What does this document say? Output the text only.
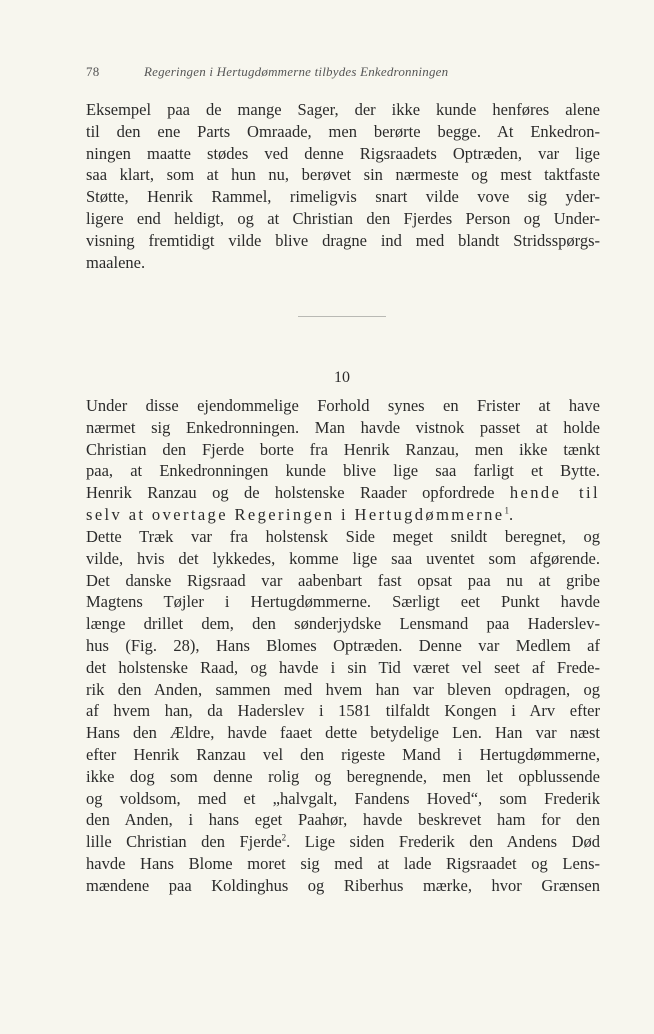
78	Regeringen i Hertugdømmerne tilbydes Enkedronningen
Eksempel paa de mange Sager, der ikke kunde henføres alene
til den ene Parts Omraade, men berørte begge. At Enkedron-
ningen maatte stødes ved denne Rigsraadets Optræden, var lige
saa klart, som at hun nu, berøvet sin nærmeste og mest taktfaste
Støtte, Henrik Rammel, rimeligvis snart vilde vove sig yder-
ligere end heldigt, og at Christian den Fjerdes Person og Under-
visning fremtidigt vilde blive dragne ind med blandt Stridsspørgs-
maalene.
10
Under disse ejendommelige Forhold synes en Frister at have
nærmet sig Enkedronningen. Man havde vistnok passet at holde
Christian den Fjerde borte fra Henrik Ranzau, men ikke tænkt
paa, at Enkedronningen kunde blive lige saa farligt et Bytte.
Henrik Ranzau og de holstenske Raader opfordrede hende til
selv at overtage Regeringen i Hertugdømmerne$^1$.
Dette Træk var fra holstensk Side meget snildt beregnet, og
vilde, hvis det lykkedes, komme lige saa uventet som afgørende.
Det danske Rigsraad var aabenbart fast opsat paa nu at gribe
Magtens Tøjler i Hertugdømmerne. Særligt eet Punkt havde
længe drillet dem, den sønderjydske Lensmand paa Haderslev-
hus (Fig. 28), Hans Blomes Optræden. Denne var Medlem af
det holstenske Raad, og havde i sin Tid været vel seet af Frede-
rik den Anden, sammen med hvem han var bleven opdragen, og
af hvem han, da Haderslev i 1581 tilfaldt Kongen i Arv efter
Hans den Ældre, havde faaet dette betydelige Len. Han var næst
efter Henrik Ranzau vel den rigeste Mand i Hertugdømmerne,
ikke dog som denne rolig og beregnende, men let opblussende
og voldsom, med et „halvgalt, Fandens Hoved“, som Frederik
den Anden, i hans eget Paahør, havde beskrevet ham for den
lille Christian den Fjerde$^2$. Lige siden Frederik den Andens Død
havde Hans Blome moret sig med at lade Rigsraadet og Lens-
mændene paa Koldinghus og Riberhus mærke, hvor Grænsen
